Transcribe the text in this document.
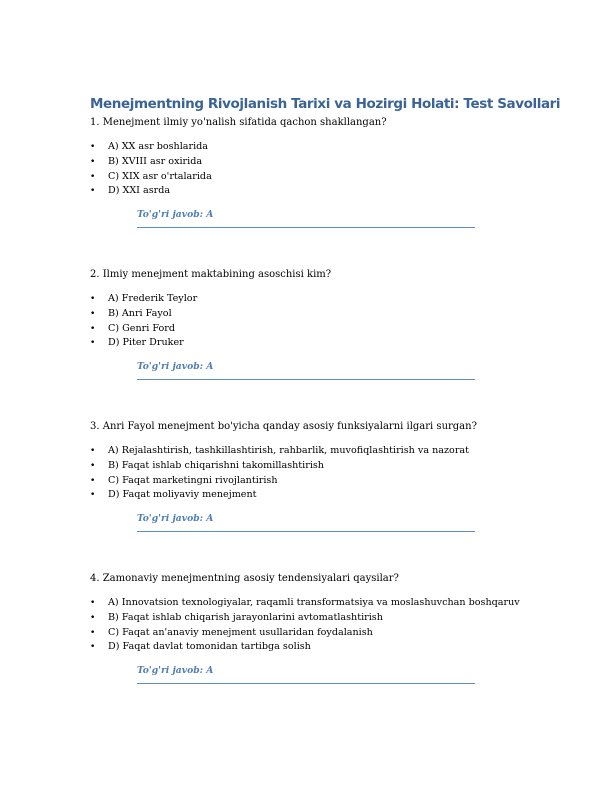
Menejmentning Rivojlanish Tarixi va Hozirgi Holati: Test Savollari
1. Menejment ilmiy yo'nalish sifatida qachon shakllangan?
• A) XX asr boshlarida
• B) XVIII asr oxirida
• C) XIX asr o'rtalarida
• D) XXI asrda
To'g'ri javob: A
2. Ilmiy menejment maktabining asoschisi kim?
• A) Frederik Teylor
• B) Anri Fayol
• C) Genri Ford
• D) Piter Druker
To'g'ri javob: A
3. Anri Fayol menejment bo'yicha qanday asosiy funksiyalarni ilgari surgan?
• A) Rejalashtirish, tashkillashtirish, rahbarlik, muvofiqlashtirish va nazorat
• B) Faqat ishlab chiqarishni takomillashtirish
• C) Faqat marketingni rivojlantirish
• D) Faqat moliyaviy menejment
To'g'ri javob: A
4. Zamonaviy menejmentning asosiy tendensiyalari qaysilar?
• A) Innovatsion texnologiyalar, raqamli transformatsiya va moslashuvchan boshqaruv
• B) Faqat ishlab chiqarish jarayonlarini avtomatlashtirish
• C) Faqat an'anaviy menejment usullaridan foydalanish
• D) Faqat davlat tomonidan tartibga solish
To'g'ri javob: A
